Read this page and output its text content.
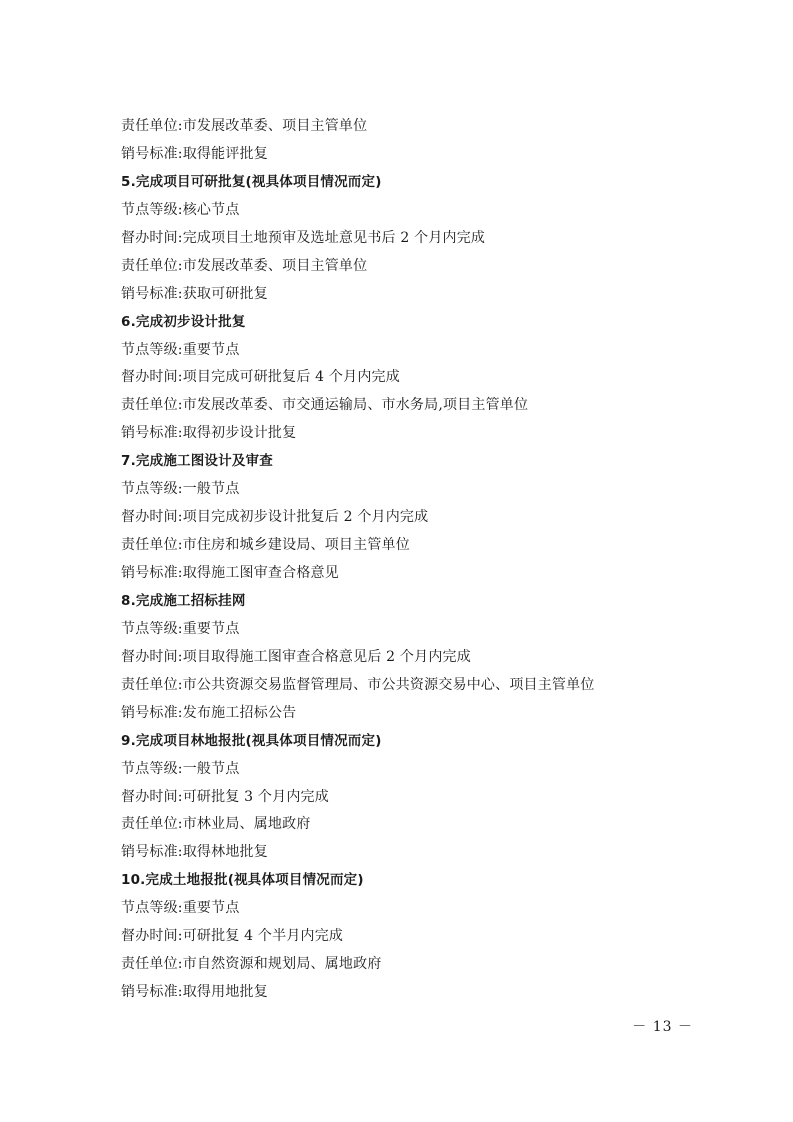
责任单位:市发展改革委、项目主管单位
销号标准:取得能评批复
5.完成项目可研批复(视具体项目情况而定)
节点等级:核心节点
督办时间:完成项目土地预审及选址意见书后 2 个月内完成
责任单位:市发展改革委、项目主管单位
销号标准:获取可研批复
6.完成初步设计批复
节点等级:重要节点
督办时间:项目完成可研批复后 4 个月内完成
责任单位:市发展改革委、市交通运输局、市水务局,项目主管单位
销号标准:取得初步设计批复
7.完成施工图设计及审查
节点等级:一般节点
督办时间:项目完成初步设计批复后 2 个月内完成
责任单位:市住房和城乡建设局、项目主管单位
销号标准:取得施工图审查合格意见
8.完成施工招标挂网
节点等级:重要节点
督办时间:项目取得施工图审查合格意见后 2 个月内完成
责任单位:市公共资源交易监督管理局、市公共资源交易中心、项目主管单位
销号标准:发布施工招标公告
9.完成项目林地报批(视具体项目情况而定)
节点等级:一般节点
督办时间:可研批复 3 个月内完成
责任单位:市林业局、属地政府
销号标准:取得林地批复
10.完成土地报批(视具体项目情况而定)
节点等级:重要节点
督办时间:可研批复 4 个半月内完成
责任单位:市自然资源和规划局、属地政府
销号标准:取得用地批复
－ 13 －
